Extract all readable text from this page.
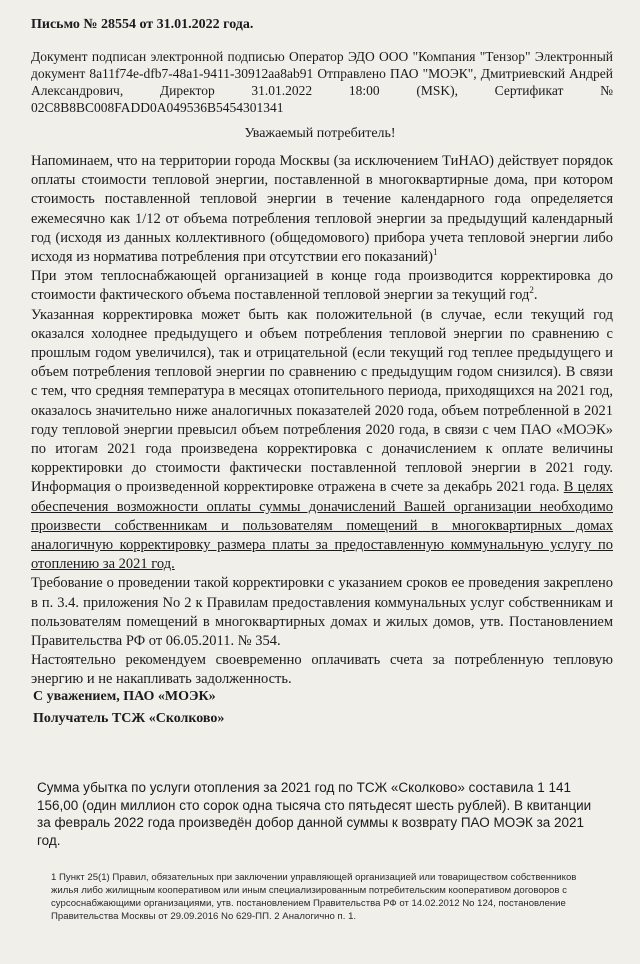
Письмо № 28554 от 31.01.2022 года.
Документ подписан электронной подписью Оператор ЭДО ООО "Компания "Тензор" Электронный документ 8a11f74e-dfb7-48a1-9411-30912aa8ab91 Отправлено ПАО "МОЭК", Дмитриевский Андрей Александрович, Директор 31.01.2022 18:00 (MSK), Сертификат № 02C8B8BC008FADD0A049536B5454301341
Уважаемый потребитель!

Напоминаем, что на территории города Москвы (за исключением ТиНАО) действует порядок оплаты стоимости тепловой энергии, поставленной в многоквартирные дома, при котором стоимость поставленной тепловой энергии в течение календарного года определяется ежемесячно как 1/12 от объема потребления тепловой энергии за предыдущий календарный год (исходя из данных коллективного (общедомового) прибора учета тепловой энергии либо исходя из норматива потребления при отсутствии его показаний)$^1$

При этом теплоснабжающей организацией в конце года производится корректировка до стоимости фактического объема поставленной тепловой энергии за текущий год$^2$.

Указанная корректировка может быть как положительной (в случае, если текущий год оказался холоднее предыдущего и объем потребления тепловой энергии по сравнению с прошлым годом увеличился), так и отрицательной (если текущий год теплее предыдущего и объем потребления тепловой энергии по сравнению с предыдущим годом снизился). В связи с тем, что средняя температура в месяцах отопительного периода, приходящихся на 2021 год, оказалось значительно ниже аналогичных показателей 2020 года, объем потребленной в 2021 году тепловой энергии превысил объем потребления 2020 года, в связи с чем ПАО «МОЭК» по итогам 2021 года произведена корректировка с доначислением к оплате величины корректировки до стоимости фактически поставленной тепловой энергии в 2021 году. Информация о произведенной корректировке отражена в счете за декабрь 2021 года. В целях обеспечения возможности оплаты суммы доначислений Вашей организации необходимо произвести собственникам и пользователям помещений в многоквартирных домах аналогичную корректировку размера платы за предоставленную коммунальную услугу по отоплению за 2021 год.

Требование о проведении такой корректировки с указанием сроков ее проведения закреплено в п. 3.4. приложения No 2 к Правилам предоставления коммунальных услуг собственникам и пользователям помещений в многоквартирных домах и жилых домов, утв. Постановлением Правительства РФ от 06.05.2011. № 354.

Настоятельно рекомендуем своевременно оплачивать счета за потребленную тепловую энергию и не накапливать задолженность.

С уважением, ПАО «МОЭК»
Получатель ТСЖ «Сколково»
Сумма убытка по услуги отопления за 2021 год по ТСЖ «Сколково» составила 1 141 156,00 (один миллион сто сорок одна тысяча сто пятьдесят шесть рублей). В квитанции за февраль 2022 года произведён добор данной суммы к возврату ПАО МОЭК за 2021 год.
1 Пункт 25(1) Правил, обязательных при заключении управляющей организацией или товариществом собственников жилья либо жилищным кооперативом или иным специализированным потребительским кооперативом договоров с сурсоснабжающими организациями, утв. постановлением Правительства РФ от 14.02.2012 No 124, постановление Правительства Москвы от 29.09.2016 No 629-ПП. 2 Аналогично п. 1.
